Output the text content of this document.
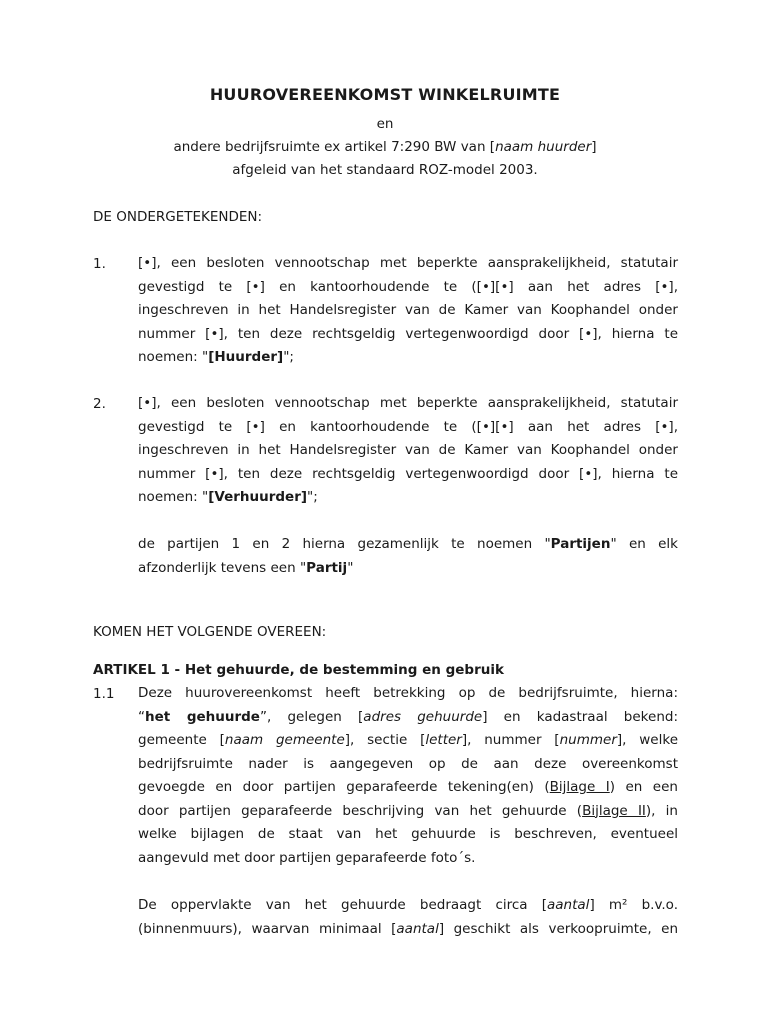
HUUROVEREENKOMST WINKELRUIMTE
en
andere bedrijfsruimte ex artikel 7:290 BW van [naam huurder]
afgeleid van het standaard ROZ-model 2003.
DE ONDERGETEKENDEN:
1. [•], een besloten vennootschap met beperkte aansprakelijkheid, statutair
gevestigd te [•] en kantoorhoudende te ([•][•] aan het adres [•],
ingeschreven in het Handelsregister van de Kamer van Koophandel onder
nummer [•], ten deze rechtsgeldig vertegenwoordigd door [•], hierna te
noemen: "[Huurder]";
2. [•], een besloten vennootschap met beperkte aansprakelijkheid, statutair
gevestigd te [•] en kantoorhoudende te ([•][•] aan het adres [•],
ingeschreven in het Handelsregister van de Kamer van Koophandel onder
nummer [•], ten deze rechtsgeldig vertegenwoordigd door [•], hierna te
noemen: "[Verhuurder]";
de partijen 1 en 2 hierna gezamenlijk te noemen "Partijen" en elk
afzonderlijk tevens een "Partij"
KOMEN HET VOLGENDE OVEREEN:
ARTIKEL 1 - Het gehuurde, de bestemming en gebruik
1.1 Deze huurovereenkomst heeft betrekking op de bedrijfsruimte, hierna:
“het gehuurde”, gelegen [adres gehuurde] en kadastraal bekend:
gemeente [naam gemeente], sectie [letter], nummer [nummer], welke
bedrijfsruimte nader is aangegeven op de aan deze overeenkomst
gevoegde en door partijen geparafeerde tekening(en) (Bijlage I) en een
door partijen geparafeerde beschrijving van het gehuurde (Bijlage II), in
welke bijlagen de staat van het gehuurde is beschreven, eventueel
aangevuld met door partijen geparafeerde foto´s.
De oppervlakte van het gehuurde bedraagt circa [aantal] m² b.v.o.
(binnenmuurs), waarvan minimaal [aantal] geschikt als verkoopruimte, en
